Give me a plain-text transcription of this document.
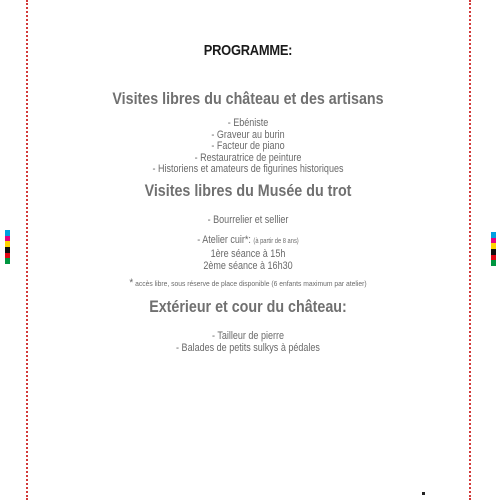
PROGRAMME:
Visites libres du château et des artisans
- Ebéniste
- Graveur au burin
- Facteur de piano
- Restauratrice de peinture
- Historiens et amateurs de figurines historiques
Visites libres du Musée du trot
- Bourrelier et sellier
- Atelier cuir*: (à partir de 8 ans)
1ère séance à 15h
2ème séance à 16h30
* accès libre, sous réserve de place disponible (6 enfants maximum par atelier)
Extérieur et cour du château:
- Tailleur de pierre
- Balades de petits sulkys à pédales
